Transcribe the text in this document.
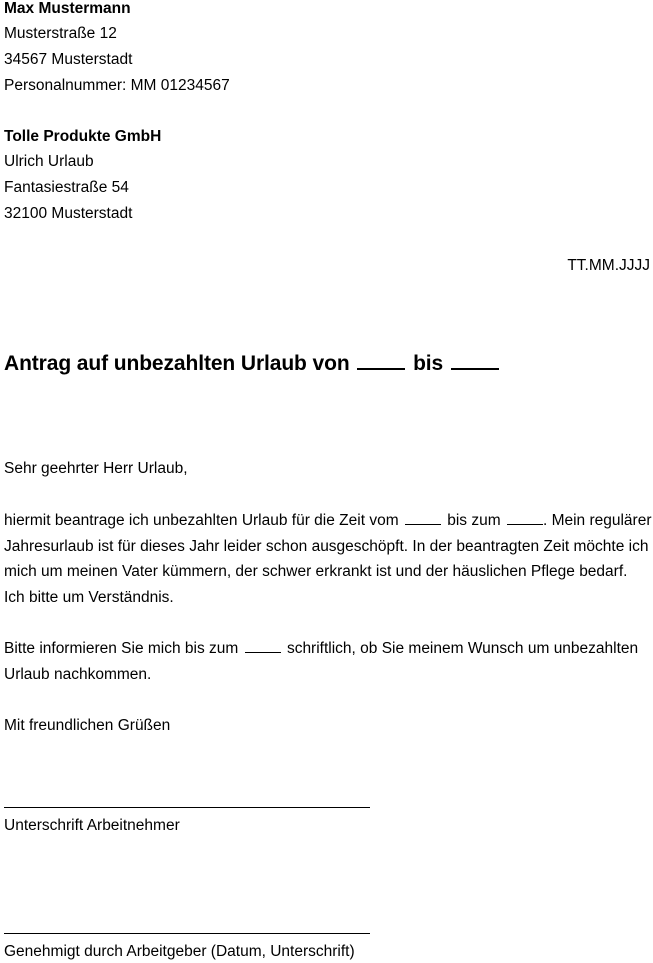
Max Mustermann
Musterstraße 12
34567 Musterstadt
Personalnummer: MM 01234567
Tolle Produkte GmbH
Ulrich Urlaub
Fantasiestraße 54
32100 Musterstadt
TT.MM.JJJJ
Antrag auf unbezahlten Urlaub von	bis
Sehr geehrter Herr Urlaub,
hiermit beantrage ich unbezahlten Urlaub für die Zeit vom	bis zum	. Mein regulärer Jahresurlaub ist für dieses Jahr leider schon ausgeschöpft. In der beantragten Zeit möchte ich mich um meinen Vater kümmern, der schwer erkrankt ist und der häuslichen Pflege bedarf. Ich bitte um Verständnis.
Bitte informieren Sie mich bis zum	schriftlich, ob Sie meinem Wunsch um unbezahlten Urlaub nachkommen.
Mit freundlichen Grüßen
Unterschrift Arbeitnehmer
Genehmigt durch Arbeitgeber (Datum, Unterschrift)
